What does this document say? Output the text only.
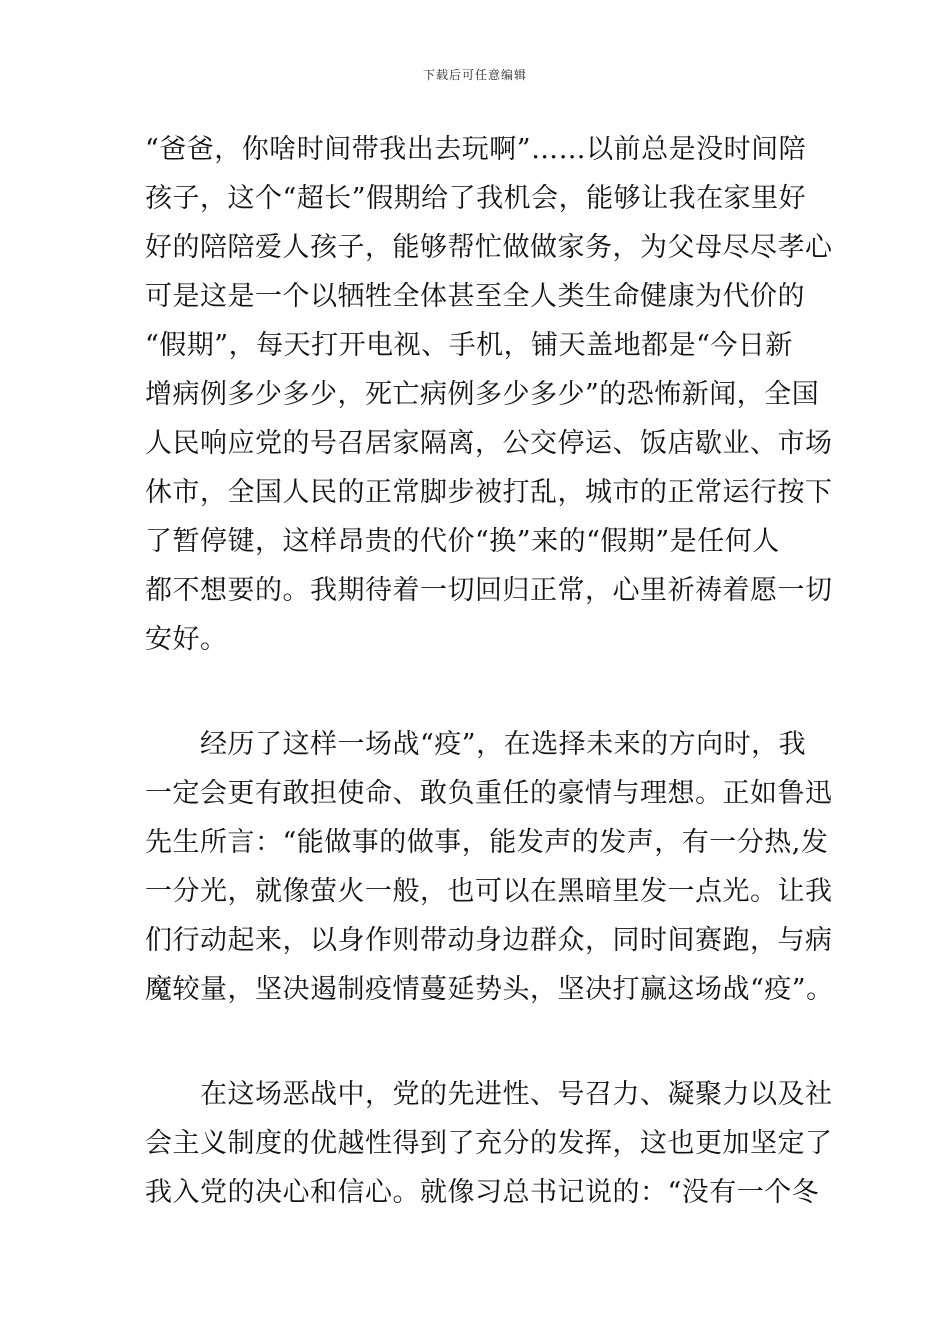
下载后可任意编辑
“爸爸，你啥时间带我出去玩啊”……以前总是没时间陪
孩子，这个“超长”假期给了我机会，能够让我在家里好
好的陪陪爱人孩子，能够帮忙做做家务，为父母尽尽孝心
可是这是一个以牺牲全体甚至全人类生命健康为代价的
“假期”，每天打开电视、手机，铺天盖地都是“今日新
增病例多少多少，死亡病例多少多少”的恐怖新闻，全国
人民响应党的号召居家隔离，公交停运、饭店歇业、市场
休市，全国人民的正常脚步被打乱，城市的正常运行按下
了暂停键，这样昂贵的代价“换”来的“假期”是任何人
都不想要的。我期待着一切回归正常，心里祈祷着愿一切
安好。
　　经历了这样一场战“疫”，在选择未来的方向时，我
一定会更有敢担使命、敢负重任的豪情与理想。正如鲁迅
先生所言：“能做事的做事，能发声的发声，有一分热,发
一分光，就像萤火一般，也可以在黑暗里发一点光。让我
们行动起来，以身作则带动身边群众，同时间赛跑，与病
魔较量，坚决遏制疫情蔓延势头，坚决打赢这场战“疫”。
　　在这场恶战中，党的先进性、号召力、凝聚力以及社
会主义制度的优越性得到了充分的发挥，这也更加坚定了
我入党的决心和信心。就像习总书记说的：“没有一个冬
